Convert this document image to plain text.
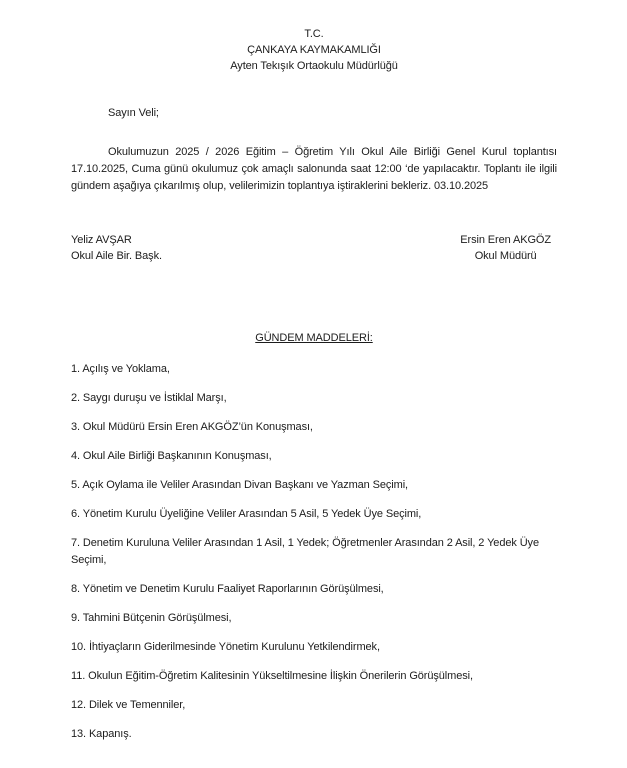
T.C.
ÇANKAYA KAYMAKAMLIĞI
Ayten Tekışık Ortaokulu Müdürlüğü

Sayın Veli;

Okulumuzun 2025 / 2026 Eğitim – Öğretim Yılı Okul Aile Birliği Genel Kurul toplantısı 17.10.2025, Cuma günü okulumuz çok amaçlı salonunda saat 12:00 ‘de yapılacaktır. Toplantı ile ilgili gündem aşağıya çıkarılmış olup, velilerimizin toplantıya iştiraklerini bekleriz. 03.10.2025

Yeliz AVŞAR
Okul Aile Bir. Başk.
Ersin Eren AKGÖZ
Okul Müdürü
GÜNDEM MADDELERİ:

1. Açılış ve Yoklama,

2. Saygı duruşu ve İstiklal Marşı,

3. Okul Müdürü Ersin Eren AKGÖZ’ün Konuşması,

4. Okul Aile Birliği Başkanının Konuşması,

5. Açık Oylama ile Veliler Arasından Divan Başkanı ve Yazman Seçimi,

6. Yönetim Kurulu Üyeliğine Veliler Arasından 5 Asil, 5 Yedek Üye Seçimi,

7. Denetim Kuruluna Veliler Arasından 1 Asil, 1 Yedek; Öğretmenler Arasından 2 Asil, 2 Yedek Üye Seçimi,

8. Yönetim ve Denetim Kurulu Faaliyet Raporlarının Görüşülmesi,

9. Tahmini Bütçenin Görüşülmesi,

10. İhtiyaçların Giderilmesinde Yönetim Kurulunu Yetkilendirmek,

11. Okulun Eğitim-Öğretim Kalitesinin Yükseltilmesine İlişkin Önerilerin Görüşülmesi,

12. Dilek ve Temenniler,

13. Kapanış.
